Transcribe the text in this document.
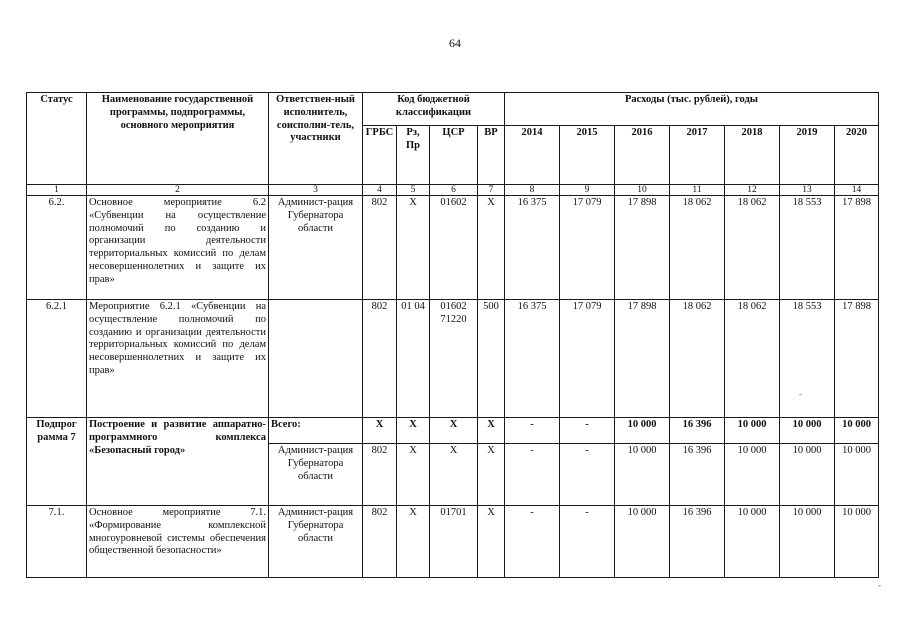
64
Статус	Наименование государственной программы, подпрограммы, основного мероприятия	Ответствен-ный исполнитель, соисполни-тель, участники	Код бюджетной классификации				Расходы (тыс. рублей), годы						
			ГРБС	Рз, Пр	ЦСР	ВР	2014	2015	2016	2017	2018	2019	2020
1	2	3	4	5	6	7	8	9	10	11	12	13	14
6.2.	Основное мероприятие 6.2 «Субвенции на осуществление полномочий по созданию и организации деятельности территориальных комиссий по делам несовершеннолетних и защите их прав»	Админист-рация Губернатора области	802	Х	01602	Х	16 375	17 079	17 898	18 062	18 062	18 553	17 898
6.2.1	Мероприятие 6.2.1 «Субвенции на осуществление полномочий по созданию и организации деятельности территориальных комиссий по делам несовершеннолетних и защите их прав»		802	01 04	01602 71220	500	16 375	17 079	17 898	18 062	18 062	18 553	17 898
Подпрог рамма 7	Построение и развитие аппаратно-программного комплекса «Безопасный город»	Всего:	Х	Х	Х	Х	-	-	10 000	16 396	10 000	10 000	10 000
		Админист-рация Губернатора области	802	Х	Х	Х	-	-	10 000	16 396	10 000	10 000	10 000
7.1.	Основное мероприятие 7.1. «Формирование комплексной многоуровневой системы обеспечения общественной безопасности»	Админист-рация Губернатора области	802	Х	01701	Х	-	-	10 000	16 396	10 000	10 000	10 000
-
-
